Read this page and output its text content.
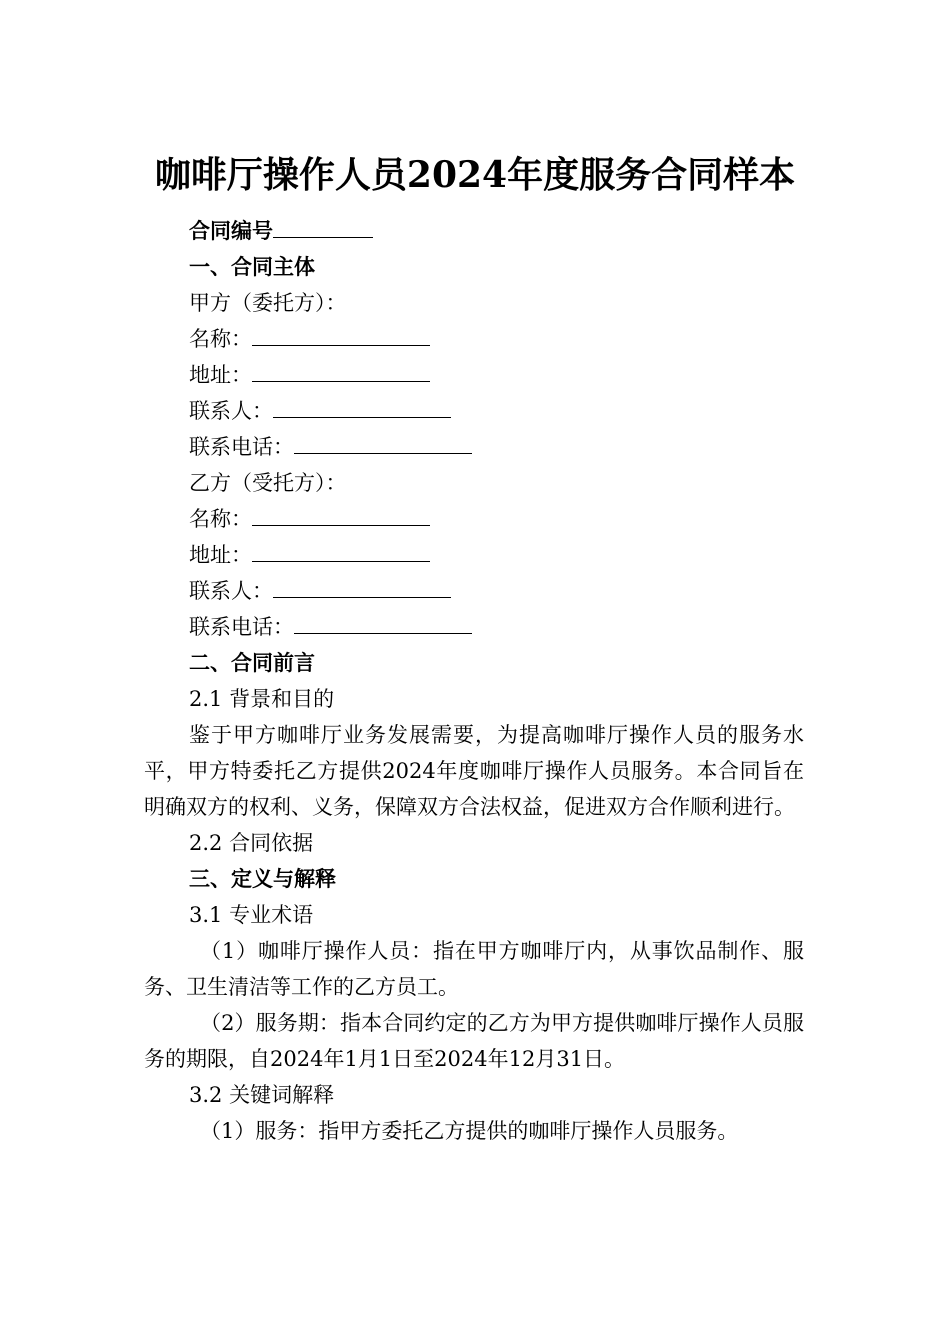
咖啡厅操作人员2024年度服务合同样本
合同编号
一、合同主体
甲方（委托方）：
名称：
地址：
联系人：
联系电话：
乙方（受托方）：
名称：
地址：
联系人：
联系电话：
二、合同前言
2.1 背景和目的
鉴于甲方咖啡厅业务发展需要，为提高咖啡厅操作人员的服务水平，甲方特委托乙方提供2024年度咖啡厅操作人员服务。本合同旨在明确双方的权利、义务，保障双方合法权益，促进双方合作顺利进行。
2.2 合同依据
三、定义与解释
3.1 专业术语
（1）咖啡厅操作人员：指在甲方咖啡厅内，从事饮品制作、服务、卫生清洁等工作的乙方员工。
（2）服务期：指本合同约定的乙方为甲方提供咖啡厅操作人员服务的期限，自2024年1月1日至2024年12月31日。
3.2 关键词解释
（1）服务：指甲方委托乙方提供的咖啡厅操作人员服务。
